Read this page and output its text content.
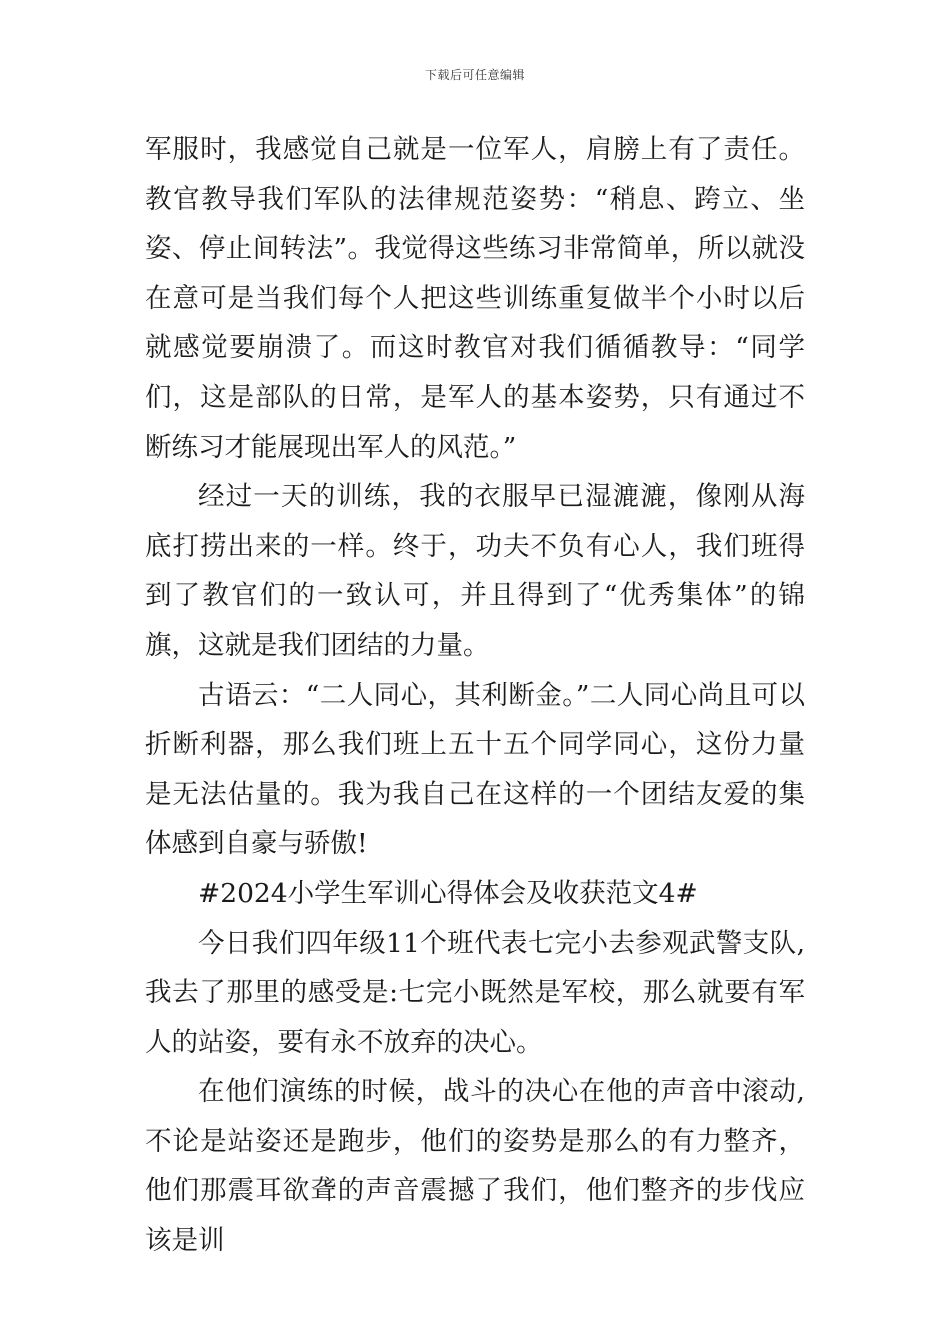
下载后可任意编辑

军服时，我感觉自己就是一位军人，肩膀上有了责任。教官教导我们军队的法律规范姿势：“稍息、跨立、坐姿、停止间转法”。我觉得这些练习非常简单，所以就没在意可是当我们每个人把这些训练重复做半个小时以后就感觉要崩溃了。而这时教官对我们循循教导：“同学们，这是部队的日常，是军人的基本姿势，只有通过不断练习才能展现出军人的风范。”

经过一天的训练，我的衣服早已湿漉漉，像刚从海底打捞出来的一样。终于，功夫不负有心人，我们班得到了教官们的一致认可，并且得到了“优秀集体”的锦旗，这就是我们团结的力量。

古语云：“二人同心，其利断金。”二人同心尚且可以折断利器，那么我们班上五十五个同学同心，这份力量是无法估量的。我为我自己在这样的一个团结友爱的集体感到自豪与骄傲!

#2024小学生军训心得体会及收获范文4#

今日我们四年级11个班代表七完小去参观武警支队,我去了那里的感受是:七完小既然是军校，那么就要有军人的站姿，要有永不放弃的决心。

在他们演练的时候，战斗的决心在他的声音中滚动,不论是站姿还是跑步，他们的姿势是那么的有力整齐，他们那震耳欲聋的声音震撼了我们，他们整齐的步伐应该是训
